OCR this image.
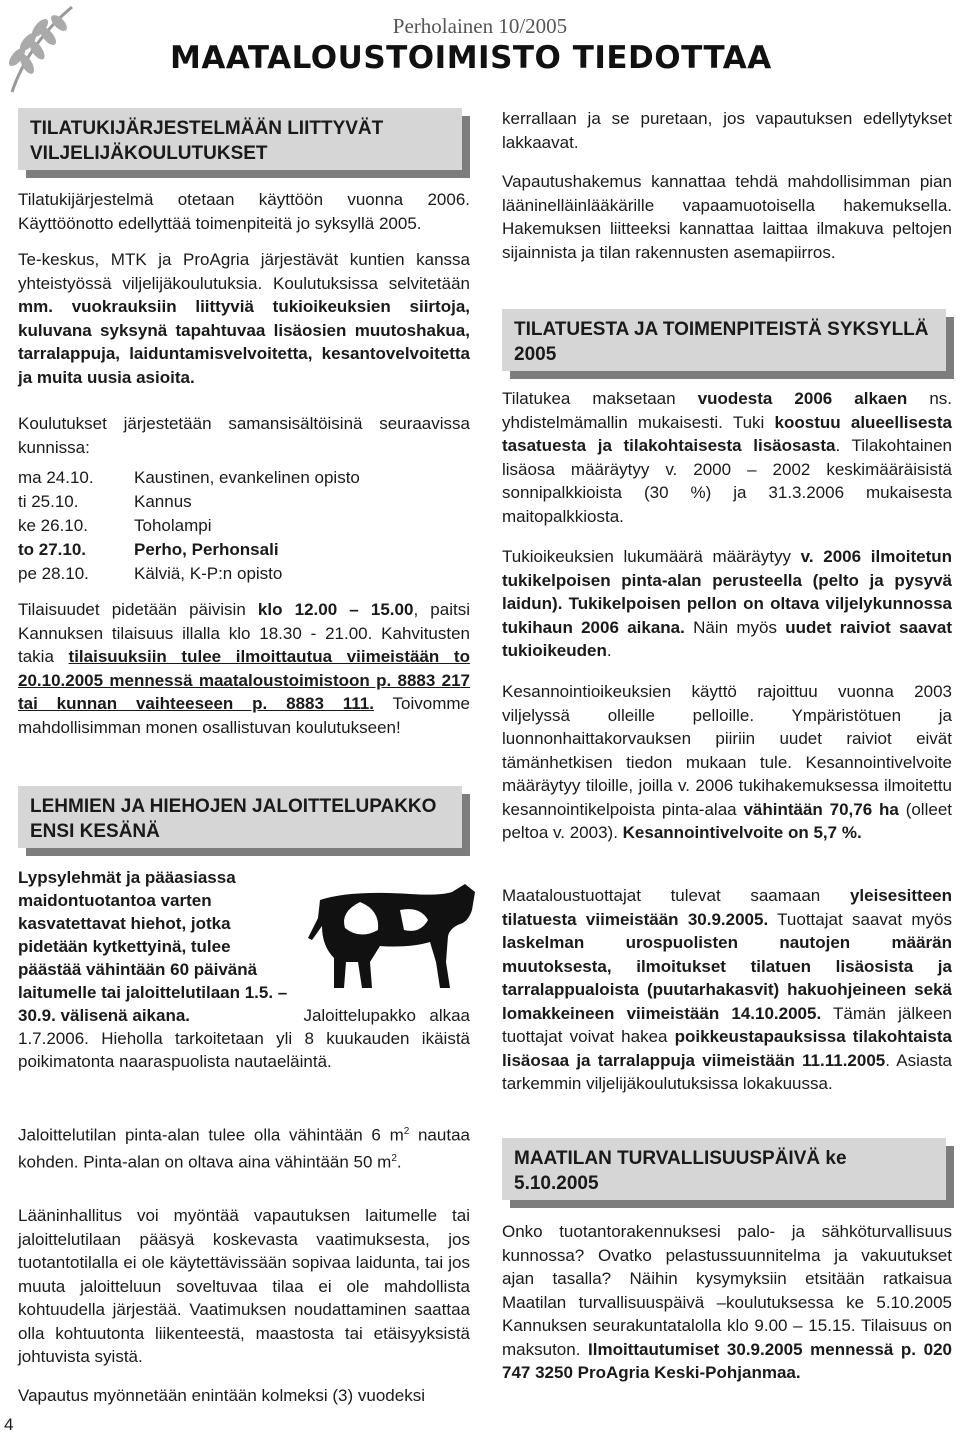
Perholainen 10/2005
MAATALOUSTOIMISTO TIEDOTTAA
TILATUKIJÄRJESTELMÄÄN LIITTYVÄT VILJELIJÄKOULUTUKSET

Tilatukijärjestelmä otetaan käyttöön vuonna 2006. Käyttöönotto edellyttää toimenpiteitä jo syksyllä 2005.

Te-keskus, MTK ja ProAgria järjestävät kuntien kanssa yhteistyössä viljelijäkoulutuksia. Koulutuksissa selvitetään mm. vuokrauksiin liittyviä tukioikeuksien siirtoja, kuluvana syksynä tapahtuvaa lisäosien muutoshakua, tarralappuja, laiduntamisvelvoitetta, kesantovelvoitetta ja muita uusia asioita.

Koulutukset järjestetään samansisältöisinä seuraavissa kunnissa:

ma 24.10.	Kaustinen, evankelinen opisto
ti 25.10.	Kannus
ke 26.10.	Toholampi
to 27.10.	Perho, Perhonsali
pe 28.10.	Kälviä, K-P:n opisto

Tilaisuudet pidetään päivisin klo 12.00 – 15.00, paitsi Kannuksen tilaisuus illalla klo 18.30 - 21.00. Kahvitusten takia tilaisuuksiin tulee ilmoittautua viimeistään to 20.10.2005 mennessä maataloustoimistoon p. 8883 217 tai kunnan vaihteeseen p. 8883 111. Toivomme mahdollisimman monen osallistuvan koulutukseen!

LEHMIEN JA HIEHOJEN JALOITTELUPAKKO ENSI KESÄNÄ

Lypsylehmät ja pääasiassa maidontuotantoa varten kasvatettavat hiehot, jotka pidetään kytkettyinä, tulee päästää vähintään 60 päivänä laitumelle tai jaloittelutilaan 1.5. – 30.9. välisenä aikana.	Jaloittelupakko alkaa 1.7.2006. Hieholla tarkoitetaan yli 8 kuukauden ikäistä poikimatonta naaraspuolista nautaeläintä.

Jaloittelutilan pinta-alan tulee olla vähintään 6 $m^2$ nautaa kohden. Pinta-alan on oltava aina vähintään 50 $m^2$.

Lääninhallitus voi myöntää vapautuksen laitumelle tai jaloittelutilaan pääsyä koskevasta vaatimuksesta, jos tuotantotilalla ei ole käytettävissään sopivaa laidunta, tai jos muuta jaloitteluun soveltuvaa tilaa ei ole mahdollista kohtuudella järjestää. Vaatimuksen noudattaminen saattaa olla kohtuutonta liikenteestä, maastosta tai etäisyyksistä johtuvista syistä.

Vapautus myönnetään enintään kolmeksi (3) vuodeksi

kerrallaan ja se puretaan, jos vapautuksen edellytykset lakkaavat.

Vapautushakemus kannattaa tehdä mahdollisimman pian lääninelläinlääkärille vapaamuotoisella hakemuksella. Hakemuksen liitteeksi kannattaa laittaa ilmakuva peltojen sijainnista ja tilan rakennusten asemapiirros.

TILATUESTA JA TOIMENPITEISTÄ SYKSYLLÄ 2005

Tilatukea maksetaan vuodesta 2006 alkaen ns. yhdistelmämallin mukaisesti. Tuki koostuu alueellisesta tasatuesta ja tilakohtaisesta lisäosasta. Tilakohtainen lisäosa määräytyy v. 2000 – 2002 keskimääräisistä sonnipalkkioista (30 %) ja 31.3.2006 mukaisesta maitopalkkiosta.

Tukioikeuksien lukumäärä määräytyy v. 2006 ilmoitetun tukikelpoisen pinta-alan perusteella (pelto ja pysyvä laidun). Tukikelpoisen pellon on oltava viljelykunnossa tukihaun 2006 aikana. Näin myös uudet raiviot saavat tukioikeuden.

Kesannointioikeuksien käyttö rajoittuu vuonna 2003 viljelyssä olleille pelloille. Ympäristötuen ja luonnonhaittakorvauksen piiriin uudet raiviot eivät tämänhetkisen tiedon mukaan tule. Kesannointivelvoite määräytyy tiloille, joilla v. 2006 tukihakemuksessa ilmoitettu kesannointikelpoista pinta-alaa vähintään 70,76 ha (olleet peltoa v. 2003). Kesannointivelvoite on 5,7 %.

Maataloustuottajat tulevat saamaan yleisesitteen tilatuesta viimeistään 30.9.2005. Tuottajat saavat myös laskelman urospuolisten nautojen määrän muutoksesta, ilmoitukset tilatuen lisäosista ja tarralappualoista (puutarhakasvit) hakuohjeineen sekä lomakkeineen viimeistään 14.10.2005. Tämän jälkeen tuottajat voivat hakea poikkeustapauksissa tilakohtaista lisäosaa ja tarralappuja viimeistään 11.11.2005. Asiasta tarkemmin viljelijäkoulutuksissa lokakuussa.

MAATILAN TURVALLISUUSPÄIVÄ ke 5.10.2005

Onko tuotantorakennuksesi palo- ja sähköturvallisuus kunnossa? Ovatko pelastussuunnitelma ja vakuutukset ajan tasalla? Näihin kysymyksiin etsitään ratkaisua Maatilan turvallisuuspäivä –koulutuksessa ke 5.10.2005 Kannuksen seurakuntatalolla klo 9.00 – 15.15. Tilaisuus on maksuton. Ilmoittautumiset 30.9.2005 mennessä p. 020 747 3250 ProAgria Keski-Pohjanmaa.

4
